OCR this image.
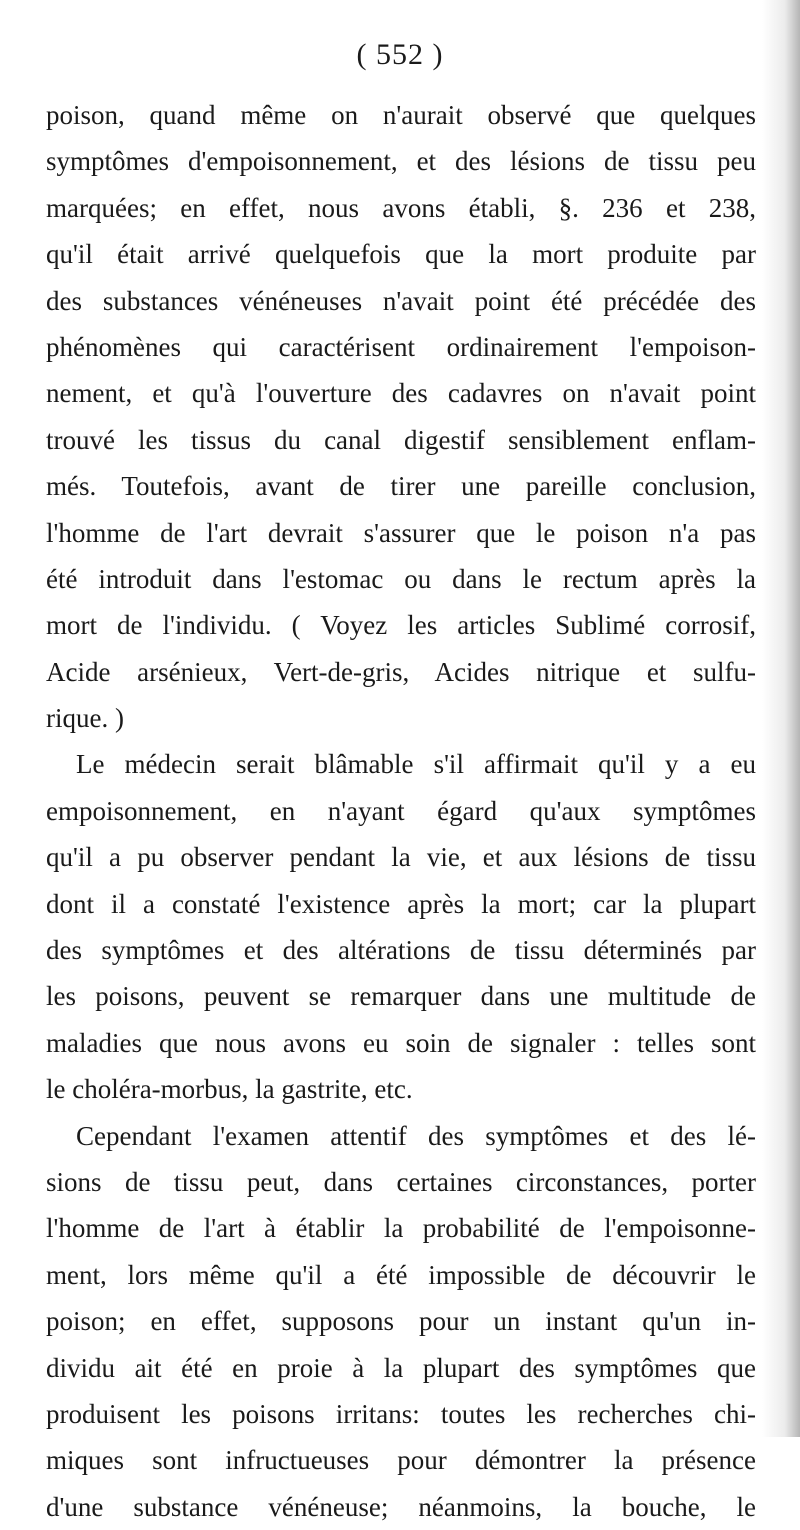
( 552 )
poison, quand même on n'aurait observé que quelques
symptômes d'empoisonnement, et des lésions de tissu peu
marquées; en effet, nous avons établi, §. 236 et 238,
qu'il était arrivé quelquefois que la mort produite par
des substances vénéneuses n'avait point été précédée des
phénomènes qui caractérisent ordinairement l'empoison-
nement, et qu'à l'ouverture des cadavres on n'avait point
trouvé les tissus du canal digestif sensiblement enflam-
més. Toutefois, avant de tirer une pareille conclusion,
l'homme de l'art devrait s'assurer que le poison n'a pas
été introduit dans l'estomac ou dans le rectum après la
mort de l'individu. ( Voyez les articles Sublimé corrosif,
Acide arsénieux, Vert-de-gris, Acides nitrique et sulfu-
rique. )
Le médecin serait blâmable s'il affirmait qu'il y a eu
empoisonnement, en n'ayant égard qu'aux symptômes
qu'il a pu observer pendant la vie, et aux lésions de tissu
dont il a constaté l'existence après la mort; car la plupart
des symptômes et des altérations de tissu déterminés par
les poisons, peuvent se remarquer dans une multitude de
maladies que nous avons eu soin de signaler : telles sont
le choléra-morbus, la gastrite, etc.
Cependant l'examen attentif des symptômes et des lé-
sions de tissu peut, dans certaines circonstances, porter
l'homme de l'art à établir la probabilité de l'empoisonne-
ment, lors même qu'il a été impossible de découvrir le
poison; en effet, supposons pour un instant qu'un in-
dividu ait été en proie à la plupart des symptômes que
produisent les poisons irritans: toutes les recherches chi-
miques sont infructueuses pour démontrer la présence
d'une substance vénéneuse; néanmoins, la bouche, le
